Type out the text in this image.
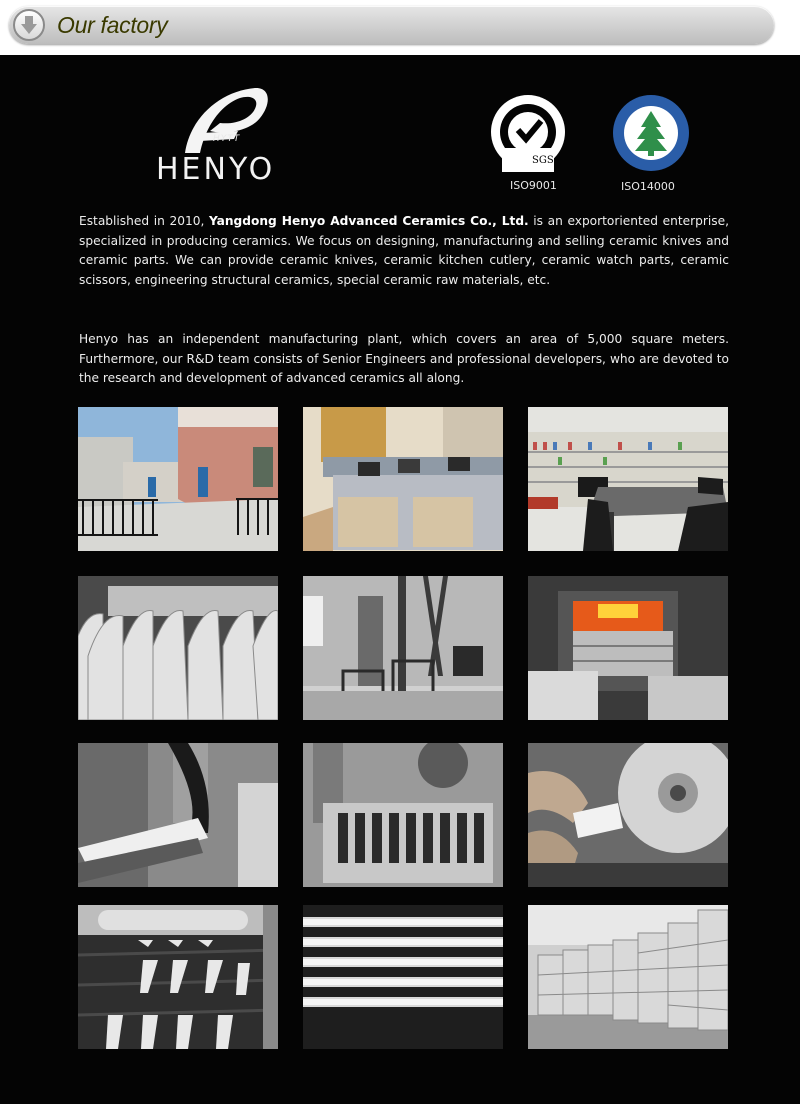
Our factory
HYTT
HENYO	SGS
ISO9001	ISO14000

Established in 2010, Yangdong Henyo Advanced Ceramics Co., Ltd. is an exportoriented enterprise, specialized in producing ceramics. We focus on designing, manufacturing and selling ceramic knives and ceramic parts. We can provide ceramic knives, ceramic kitchen cutlery, ceramic watch parts, ceramic scissors, engineering structural ceramics, special ceramic raw materials, etc.

Henyo has an independent manufacturing plant, which covers an area of 5,000 square meters. Furthermore, our R&D team consists of Senior Engineers and professional developers, who are devoted to the research and development of advanced ceramics all along.
